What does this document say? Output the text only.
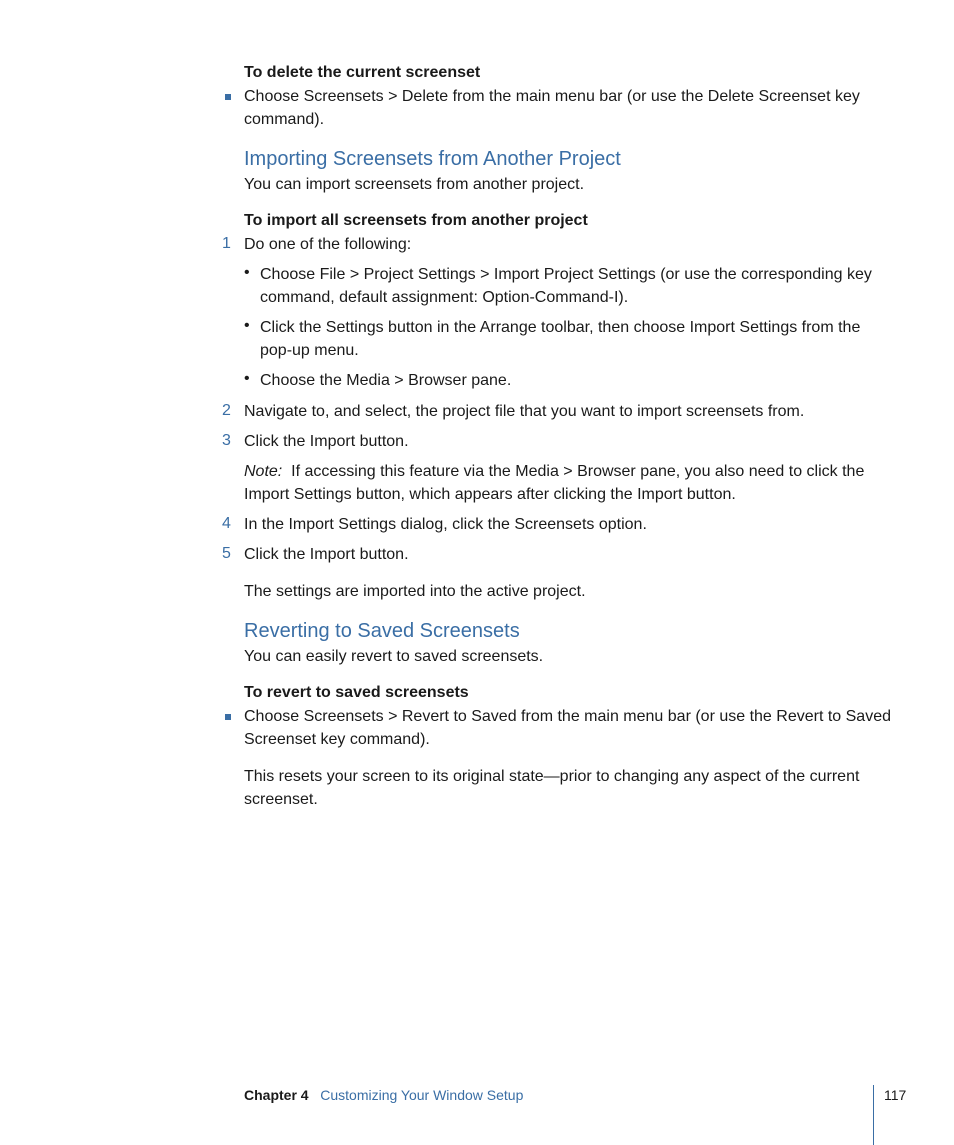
To delete the current screenset
Choose Screensets > Delete from the main menu bar (or use the Delete Screenset key
command).
Importing Screensets from Another Project
You can import screensets from another project.
To import all screensets from another project
1 Do one of the following:
• Choose File > Project Settings > Import Project Settings (or use the corresponding key
command, default assignment: Option-Command-I).
• Click the Settings button in the Arrange toolbar, then choose Import Settings from the
pop-up menu.
• Choose the Media > Browser pane.
2 Navigate to, and select, the project file that you want to import screensets from.
3 Click the Import button.
Note: If accessing this feature via the Media > Browser pane, you also need to click the
Import Settings button, which appears after clicking the Import button.
4 In the Import Settings dialog, click the Screensets option.
5 Click the Import button.
The settings are imported into the active project.
Reverting to Saved Screensets
You can easily revert to saved screensets.
To revert to saved screensets
Choose Screensets > Revert to Saved from the main menu bar (or use the Revert to Saved
Screenset key command).
This resets your screen to its original state—prior to changing any aspect of the current
screenset.
Chapter 4 Customizing Your Window Setup	117
